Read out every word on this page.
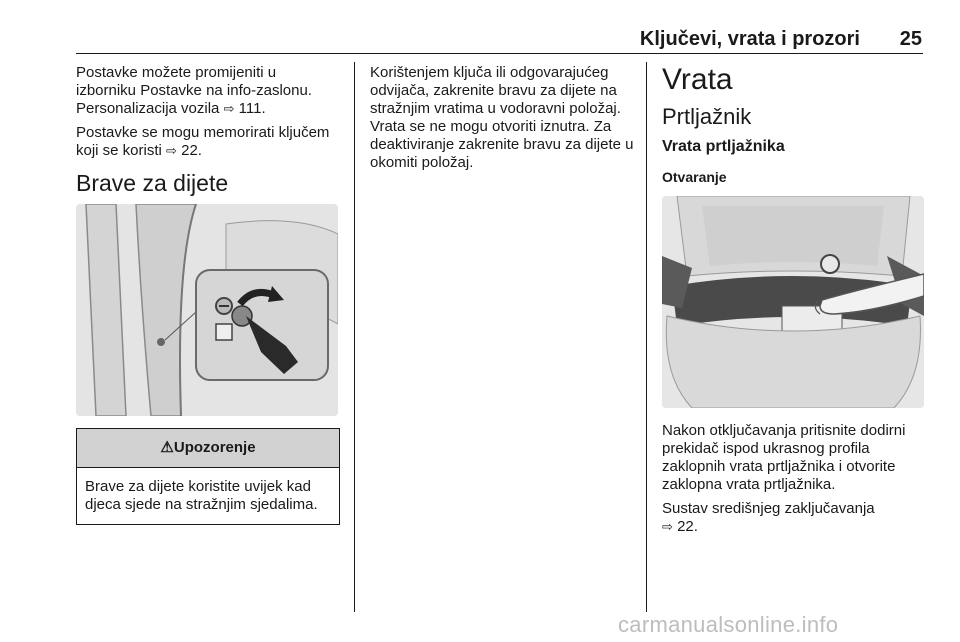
Ključevi, vrata i prozori	25

Postavke možete promijeniti u izborniku Postavke na info-zaslonu. Personalizacija vozila ⇨ 111.

Postavke se mogu memorirati ključem koji se koristi ⇨ 22.

Brave za dijete
⚠Upozorenje
Brave za dijete koristite uvijek kad djeca sjede na stražnjim sjedalima.

Korištenjem ključa ili odgovarajućeg odvijača, zakrenite bravu za dijete na stražnjim vratima u vodoravni položaj. Vrata se ne mogu otvoriti iznutra. Za deaktiviranje zakrenite bravu za dijete u okomiti položaj.

Vrata
Prtljažnik
Vrata prtljažnika
Otvaranje

Nakon otključavanja pritisnite dodirni prekidač ispod ukrasnog profila zaklopnih vrata prtljažnika i otvorite zaklopna vrata prtljažnika.

Sustav središnjeg zaključavanja
⇨ 22.

carmanualsonline.info
